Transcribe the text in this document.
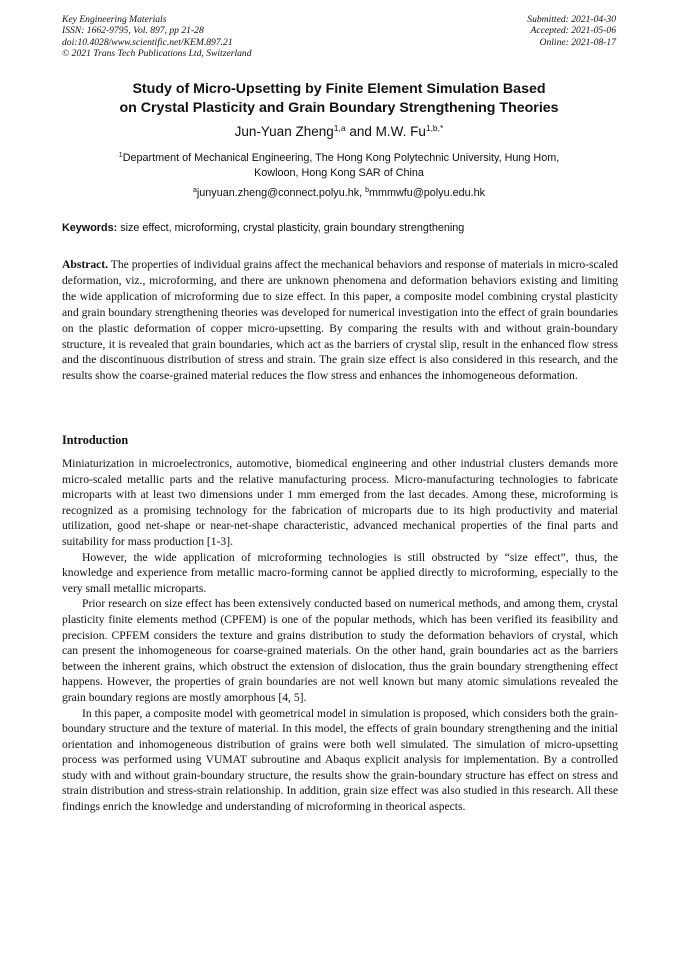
Key Engineering Materials
ISSN: 1662-9795, Vol. 897, pp 21-28
doi:10.4028/www.scientific.net/KEM.897.21
© 2021 Trans Tech Publications Ltd, Switzerland
Submitted: 2021-04-30
Accepted: 2021-05-06
Online: 2021-08-17
Study of Micro-Upsetting by Finite Element Simulation Based
on Crystal Plasticity and Grain Boundary Strengthening Theories
Jun-Yuan Zheng$^{1,a}$ and M.W. $Fu^{1,b,*}$
$^1$Department of Mechanical Engineering, The Hong Kong Polytechnic University, Hung Hom,
Kowloon, Hong Kong SAR of China
$^a$junyuan.zheng@connect.polyu.hk, $^b$mmmwfu@polyu.edu.hk
Keywords: size effect, microforming, crystal plasticity, grain boundary strengthening
Abstract. The properties of individual grains affect the mechanical behaviors and response of materials in micro-scaled deformation, viz., microforming, and there are unknown phenomena and deformation behaviors existing and limiting the wide application of microforming due to size effect. In this paper, a composite model combining crystal plasticity and grain boundary strengthening theories was developed for numerical investigation into the effect of grain boundaries on the plastic deformation of copper micro-upsetting. By comparing the results with and without grain-boundary structure, it is revealed that grain boundaries, which act as the barriers of crystal slip, result in the enhanced flow stress and the discontinuous distribution of stress and strain. The grain size effect is also considered in this research, and the results show the coarse-grained material reduces the flow stress and enhances the inhomogeneous deformation.
Introduction

Miniaturization in microelectronics, automotive, biomedical engineering and other industrial clusters demands more micro-scaled metallic parts and the relative manufacturing process. Micro-manufacturing technologies to fabricate microparts with at least two dimensions under 1 mm emerged from the last decades. Among these, microforming is recognized as a promising technology for the fabrication of microparts due to its high productivity and material utilization, good net-shape or near-net-shape characteristic, advanced mechanical properties of the final parts and suitability for mass production [1-3].

However, the wide application of microforming technologies is still obstructed by “size effect”, thus, the knowledge and experience from metallic macro-forming cannot be applied directly to microforming, especially to the very small metallic microparts.

Prior research on size effect has been extensively conducted based on numerical methods, and among them, crystal plasticity finite elements method (CPFEM) is one of the popular methods, which has been verified its feasibility and precision. CPFEM considers the texture and grains distribution to study the deformation behaviors of crystal, which can present the inhomogeneous for coarse-grained materials. On the other hand, grain boundaries act as the barriers between the inherent grains, which obstruct the extension of dislocation, thus the grain boundary strengthening effect happens. However, the properties of grain boundaries are not well known but many atomic simulations revealed the grain boundary regions are mostly amorphous [4, 5].

In this paper, a composite model with geometrical model in simulation is proposed, which considers both the grain-boundary structure and the texture of material. In this model, the effects of grain boundary strengthening and the initial orientation and inhomogeneous distribution of grains were both well simulated. The simulation of micro-upsetting process was performed using VUMAT subroutine and Abaqus explicit analysis for implementation. By a controlled study with and without grain-boundary structure, the results show the grain-boundary structure has effect on stress and strain distribution and stress-strain relationship. In addition, grain size effect was also studied in this research. All these findings enrich the knowledge and understanding of microforming in theorical aspects.
